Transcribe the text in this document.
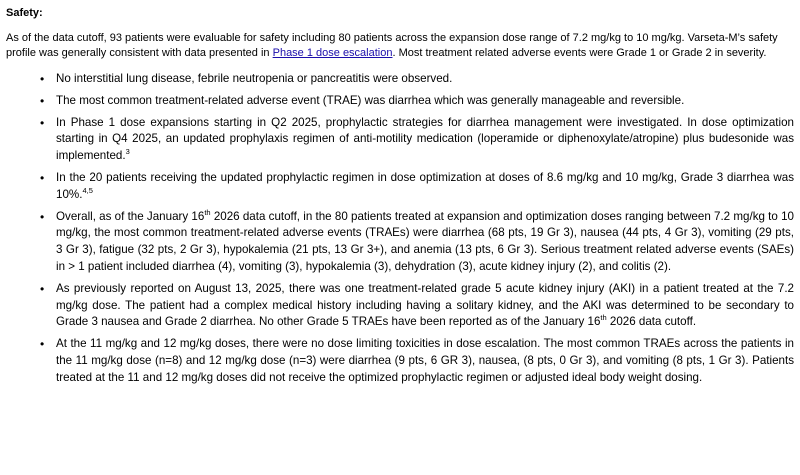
Safety:

As of the data cutoff, 93 patients were evaluable for safety including 80 patients across the expansion dose range of 7.2 mg/kg to 10 mg/kg. Varseta-M’s safety profile was generally consistent with data presented in Phase 1 dose escalation. Most treatment related adverse events were Grade 1 or Grade 2 in severity.

• No interstitial lung disease, febrile neutropenia or pancreatitis were observed.
• The most common treatment-related adverse event (TRAE) was diarrhea which was generally manageable and reversible.
• In Phase 1 dose expansions starting in Q2 2025, prophylactic strategies for diarrhea management were investigated. In dose optimization starting in Q4 2025, an updated prophylaxis regimen of anti-motility medication (loperamide or diphenoxylate/atropine) plus budesonide was implemented.$^3$
• In the 20 patients receiving the updated prophylactic regimen in dose optimization at doses of 8.6 mg/kg and 10 mg/kg, Grade 3 diarrhea was 10%.$^{4,5}$
• Overall, as of the January 16th 2026 data cutoff, in the 80 patients treated at expansion and optimization doses ranging between 7.2 mg/kg to 10 mg/kg, the most common treatment-related adverse events (TRAEs) were diarrhea (68 pts, 19 Gr 3), nausea (44 pts, 4 Gr 3), vomiting (29 pts, 3 Gr 3), fatigue (32 pts, 2 Gr 3), hypokalemia (21 pts, 13 Gr 3+), and anemia (13 pts, 6 Gr 3). Serious treatment related adverse events (SAEs) in > 1 patient included diarrhea (4), vomiting (3), hypokalemia (3), dehydration (3), acute kidney injury (2), and colitis (2).
• As previously reported on August 13, 2025, there was one treatment-related grade 5 acute kidney injury (AKI) in a patient treated at the 7.2 mg/kg dose. The patient had a complex medical history including having a solitary kidney, and the AKI was determined to be secondary to Grade 3 nausea and Grade 2 diarrhea. No other Grade 5 TRAEs have been reported as of the January 16th 2026 data cutoff.
• At the 11 mg/kg and 12 mg/kg doses, there were no dose limiting toxicities in dose escalation. The most common TRAEs across the patients in the 11 mg/kg dose (n=8) and 12 mg/kg dose (n=3) were diarrhea (9 pts, 6 GR 3), nausea, (8 pts, 0 Gr 3), and vomiting (8 pts, 1 Gr 3). Patients treated at the 11 and 12 mg/kg doses did not receive the optimized prophylactic regimen or adjusted ideal body weight dosing.
